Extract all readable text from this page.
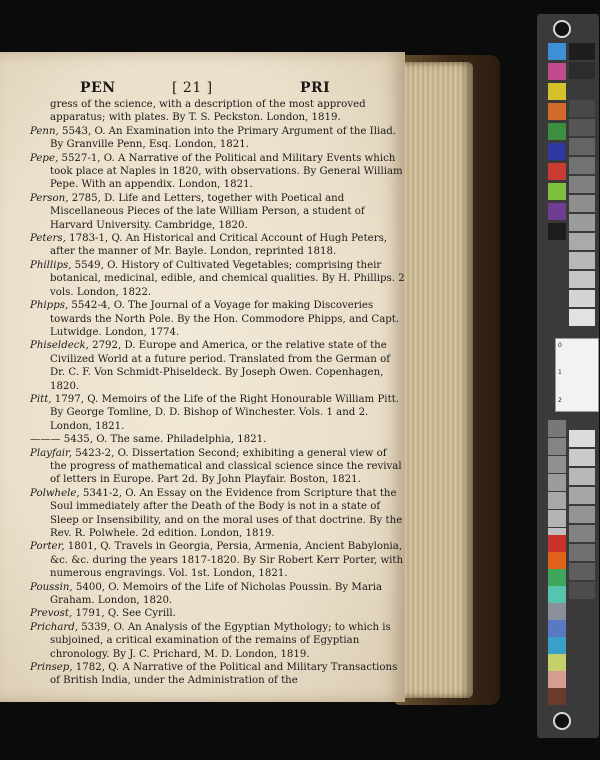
0
1
2
PEN	[ 21 ]	PRI
gress of the science, with a description of the most approved apparatus; with plates. By T. S. Peckston. London, 1819.
Penn, 5543, O. An Examination into the Primary Argument of the Iliad. By Granville Penn, Esq. London, 1821.
Pepe, 5527-1, O. A Narrative of the Political and Military Events which took place at Naples in 1820, with observations. By General William Pepe. With an appendix. London, 1821.
Person, 2785, D. Life and Letters, together with Poetical and Miscellaneous Pieces of the late William Person, a student of Harvard University. Cambridge, 1820.
Peters, 1783-1, Q. An Historical and Critical Account of Hugh Peters, after the manner of Mr. Bayle. London, reprinted 1818.
Phillips, 5549, O. History of Cultivated Vegetables; comprising their botanical, medicinal, edible, and chemical qualities. By H. Phillips. 2 vols. London, 1822.
Phipps, 5542-4, O. The Journal of a Voyage for making Discoveries towards the North Pole. By the Hon. Commodore Phipps, and Capt. Lutwidge. London, 1774.
Phiseldeck, 2792, D. Europe and America, or the relative state of the Civilized World at a future period. Translated from the German of Dr. C. F. Von Schmidt-Phiseldeck. By Joseph Owen. Copenhagen, 1820.
Pitt, 1797, Q. Memoirs of the Life of the Right Honourable William Pitt. By George Tomline, D. D. Bishop of Winchester. Vols. 1 and 2. London, 1821.
——— 5435, O. The same. Philadelphia, 1821.
Playfair, 5423-2, O. Dissertation Second; exhibiting a general view of the progress of mathematical and classical science since the revival of letters in Europe. Part 2d. By John Playfair. Boston, 1821.
Polwhele, 5341-2, O. An Essay on the Evidence from Scripture that the Soul immediately after the Death of the Body is not in a state of Sleep or Insensibility, and on the moral uses of that doctrine. By the Rev. R. Polwhele. 2d edition. London, 1819.
Porter, 1801, Q. Travels in Georgia, Persia, Armenia, Ancient Babylonia, &c. &c. during the years 1817-1820. By Sir Robert Kerr Porter, with numerous engravings. Vol. 1st. London, 1821.
Poussin, 5400, O. Memoirs of the Life of Nicholas Poussin. By Maria Graham. London, 1820.
Prevost, 1791, Q. See Cyrill.
Prichard, 5339, O. An Analysis of the Egyptian Mythology; to which is subjoined, a critical examination of the remains of Egyptian chronology. By J. C. Prichard, M. D. London, 1819.
Prinsep, 1782, Q. A Narrative of the Political and Military Transactions of British India, under the Administration of the
